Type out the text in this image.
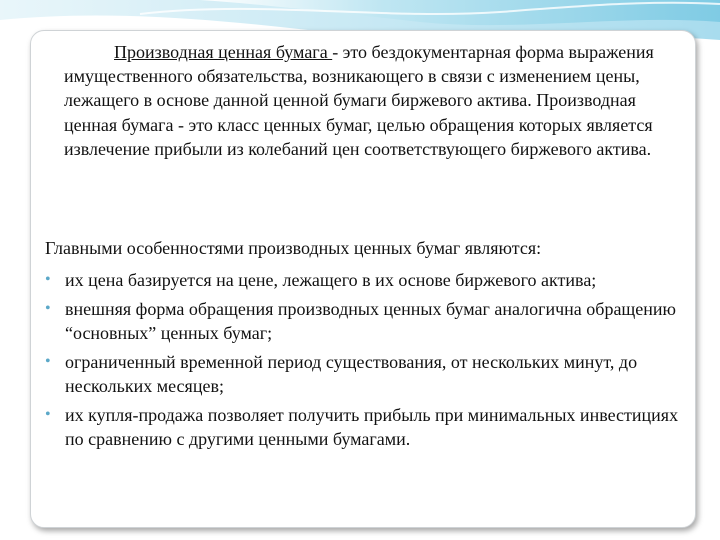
Производная ценная бумага - это бездокументарная форма выражения имущественного обязательства, возникающего в связи с изменением цены, лежащего в основе данной ценной бумаги биржевого актива. Производная ценная бумага - это класс ценных бумаг, целью обращения которых является извлечение прибыли из колебаний цен соответствующего биржевого актива.

Главными особенностями производных ценных бумаг являются:

• их цена базируется на цене, лежащего в их основе биржевого актива;
• внешняя форма обращения производных ценных бумаг аналогична обращению “основных” ценных бумаг;
• ограниченный временной период существования, от нескольких минут, до нескольких месяцев;
• их купля-продажа позволяет получить прибыль при минимальных инвестициях по сравнению с другими ценными бумагами.
